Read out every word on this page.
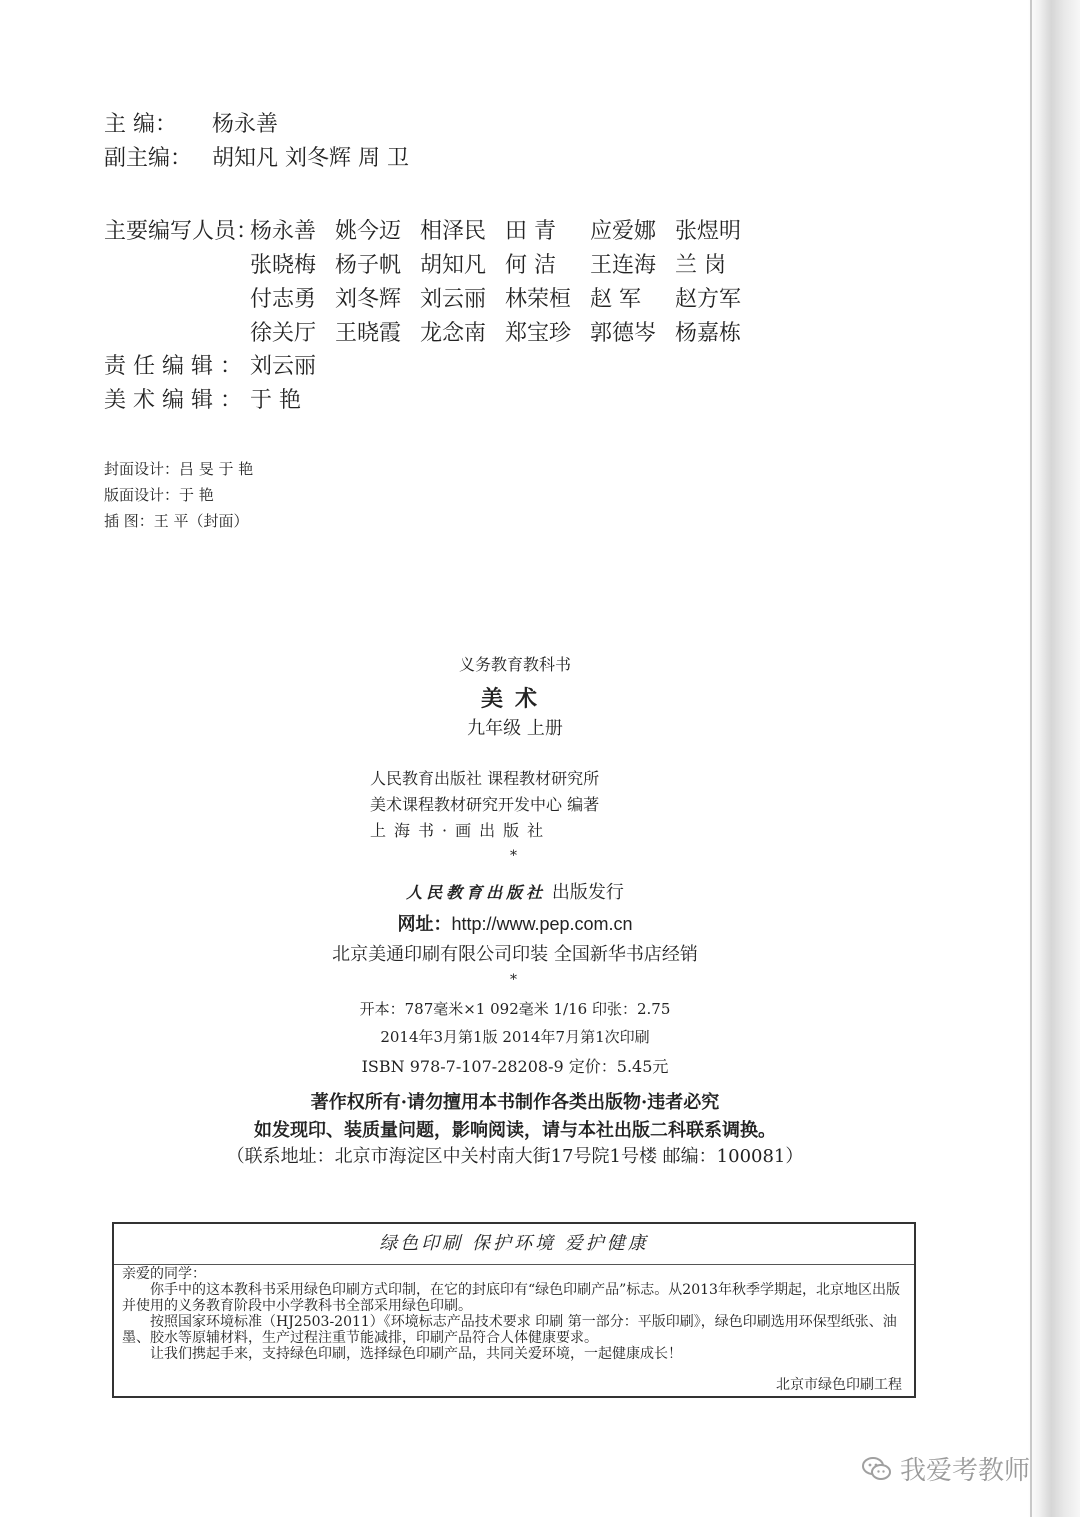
主 编： 杨永善
副主编： 胡知凡 刘冬辉 周 卫
主要编写人员：
杨永善 姚今迈 相泽民 田 青 应爱娜 张煜明
张晓梅 杨子帆 胡知凡 何 洁 王连海 兰 岗
付志勇 刘冬辉 刘云丽 林荣桓 赵 军 赵方军
徐关厅 王晓霞 龙念南 郑宝珍 郭德岑 杨嘉栋
责任编辑：刘云丽
美术编辑：于 艳
封面设计：吕 旻 于 艳
版面设计：于 艳
插 图：王 平（封面）
义务教育教科书
美术
九年级 上册
人民教育出版社 课程教材研究所
美术课程教材研究开发中心 编著
上海书·画出版社
*
人民教育出版社 出版发行
网址：http://www.pep.com.cn
北京美通印刷有限公司印装 全国新华书店经销
*
开本：787毫米×1 092毫米 1/16 印张：2.75
2014年3月第1版 2014年7月第1次印刷
ISBN 978-7-107-28208-9 定价：5.45元
著作权所有·请勿擅用本书制作各类出版物·违者必究
如发现印、装质量问题，影响阅读，请与本社出版二科联系调换。
（联系地址：北京市海淀区中关村南大街17号院1号楼 邮编：100081）
绿色印刷 保护环境 爱护健康

亲爱的同学：

你手中的这本教科书采用绿色印刷方式印制，在它的封底印有“绿色印刷产品”标志。从2013年秋季学期起，北京地区出版并使用的义务教育阶段中小学教科书全部采用绿色印刷。

按照国家环境标准（HJ2503-2011）《环境标志产品技术要求 印刷 第一部分：平版印刷》，绿色印刷选用环保型纸张、油墨、胶水等原辅材料，生产过程注重节能减排，印刷产品符合人体健康要求。

让我们携起手来，支持绿色印刷，选择绿色印刷产品，共同关爱环境，一起健康成长！

北京市绿色印刷工程
我爱考教师
